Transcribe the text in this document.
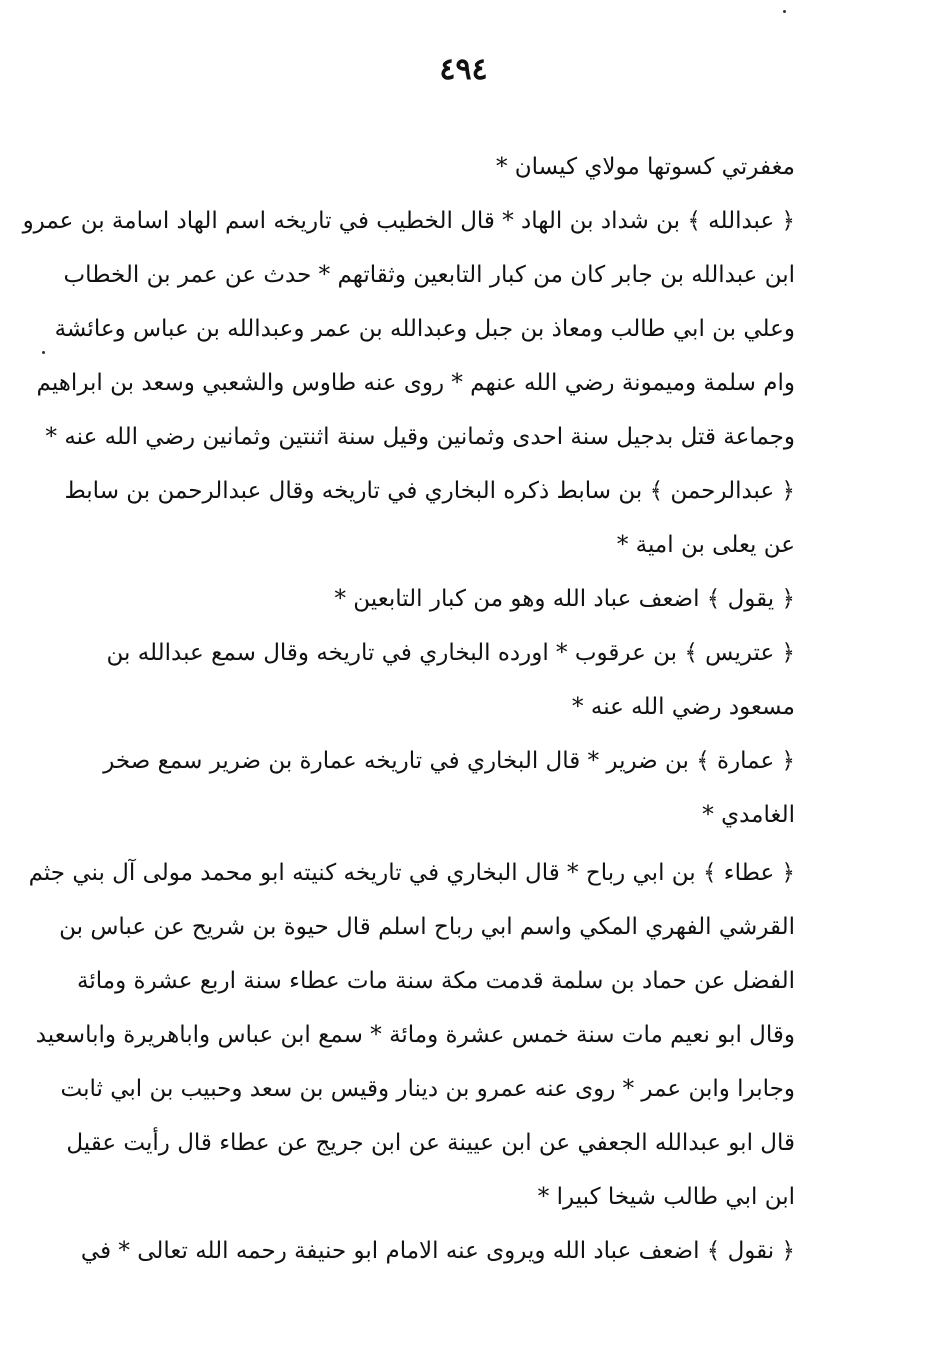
٤٩٤
مغفرتي كسوتها مولاي كيسان *
﴿ عبدالله ﴾ بن شداد بن الهاد * قال الخطيب في تاريخه اسم الهاد اسامة بن عمرو
ابن عبدالله بن جابر كان من كبار التابعين وثقاتهم * حدث عن عمر بن الخطاب
وعلي بن ابي طالب ومعاذ بن جبل وعبدالله بن عمر وعبدالله بن عباس وعائشة
وام سلمة وميمونة رضي الله عنهم * روى عنه طاوس والشعبي وسعد بن ابراهيم
وجماعة قتل بدجيل سنة احدى وثمانين وقيل سنة اثنتين وثمانين رضي الله عنه *
﴿ عبدالرحمن ﴾ بن سابط ذكره البخاري في تاريخه وقال عبدالرحمن بن سابط
عن يعلى بن امية *
﴿ يقول ﴾ اضعف عباد الله وهو من كبار التابعين *
﴿ عتريس ﴾ بن عرقوب * اورده البخاري في تاريخه وقال سمع عبدالله بن
مسعود رضي الله عنه *
﴿ عمارة ﴾ بن ضرير * قال البخاري في تاريخه عمارة بن ضرير سمع صخر
الغامدي *
﴿ عطاء ﴾ بن ابي رباح * قال البخاري في تاريخه كنيته ابو محمد مولى آل بني جثم
القرشي الفهري المكي واسم ابي رباح اسلم قال حيوة بن شريح عن عباس بن
الفضل عن حماد بن سلمة قدمت مكة سنة مات عطاء سنة اربع عشرة ومائة
وقال ابو نعيم مات سنة خمس عشرة ومائة * سمع ابن عباس واباهريرة واباسعيد
وجابرا وابن عمر * روى عنه عمرو بن دينار وقيس بن سعد وحبيب بن ابي ثابت
قال ابو عبدالله الجعفي عن ابن عيينة عن ابن جريج عن عطاء قال رأيت عقيل
ابن ابي طالب شيخا كبيرا *
﴿ نقول ﴾ اضعف عباد الله ويروى عنه الامام ابو حنيفة رحمه الله تعالى * في
